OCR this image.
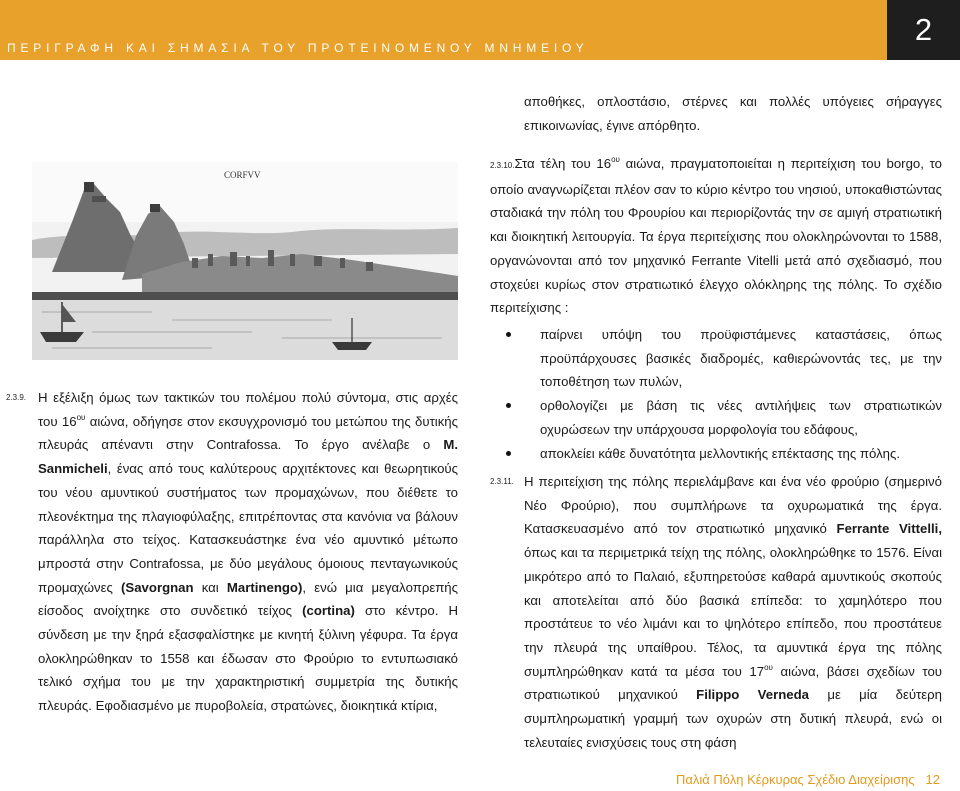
ΠΕΡΙΓΡΑΦΗ ΚΑΙ ΣΗΜΑΣΙΑ ΤΟΥ ΠΡΟΤΕΙΝΟΜΕΝΟΥ ΜΝΗΜΕΙΟΥ
2
CORFVV
2.3.9. Η εξέλιξη όμως των τακτικών του πολέμου πολύ σύντομα, στις αρχές του $16^{o\upsilon}$ αιώνα, οδήγησε στον εκσυγχρονισμό του μετώπου της δυτικής πλευράς απέναντι στην Contrafossa. Το έργο ανέλαβε ο Μ. Sanmicheli, ένας από τους καλύτερους αρχιτέκτονες και θεωρητικούς του νέου αμυντικού συστήματος των προμαχώνων, που διέθετε το πλεονέκτημα της πλαγιοφύλαξης, επιτρέποντας στα κανόνια να βάλουν παράλληλα στο τείχος. Κατασκευάστηκε ένα νέο αμυντικό μέτωπο μπροστά στην Contrafossa, με δύο μεγάλους όμοιους πενταγωνικούς προμαχώνες (Savorgnan και Martinengo), ενώ μια μεγαλοπρεπής είσοδος ανοίχτηκε στο συνδετικό τείχος (cortina) στο κέντρο. Η σύνδεση με την ξηρά εξασφαλίστηκε με κινητή ξύλινη γέφυρα. Τα έργα ολοκληρώθηκαν το 1558 και έδωσαν στο Φρούριο το εντυπωσιακό τελικό σχήμα του με την χαρακτηριστική συμμετρία της δυτικής πλευράς. Εφοδιασμένο με πυροβολεία, στρατώνες, διοικητικά κτίρια,

αποθήκες, οπλοστάσιο, στέρνες και πολλές υπόγειες σήραγγες επικοινωνίας, έγινε απόρθητο.

2.3.10.Στα τέλη του $16^{o\upsilon}$ αιώνα, πραγματοποιείται η περιτείχιση του borgo, το οποίο αναγνωρίζεται πλέον σαν το κύριο κέντρο του νησιού, υποκαθιστώντας σταδιακά την πόλη του Φρουρίου και περιορίζοντάς την σε αμιγή στρατιωτική και διοικητική λειτουργία. Τα έργα περιτείχισης που ολοκληρώνονται το 1588, οργανώνονται από τον μηχανικό Ferrante Vitelli μετά από σχεδιασμό, που στοχεύει κυρίως στον στρατιωτικό έλεγχο ολόκληρης της πόλης. Το σχέδιο περιτείχισης :

παίρνει υπόψη του προϋφιστάμενες καταστάσεις, όπως προϋπάρχουσες βασικές διαδρομές, καθιερώνοντάς τες, με την τοποθέτηση των πυλών,
ορθολογίζει με βάση τις νέες αντιλήψεις των στρατιωτικών οχυρώσεων την υπάρχουσα μορφολογία του εδάφους,
αποκλείει κάθε δυνατότητα μελλοντικής επέκτασης της πόλης.
2.3.11. Η περιτείχιση της πόλης περιελάμβανε και ένα νέο φρούριο (σημερινό Νέο Φρούριο), που συμπλήρωνε τα οχυρωματικά της έργα. Κατασκευασμένο από τον στρατιωτικό μηχανικό Ferrante Vittelli, όπως και τα περιμετρικά τείχη της πόλης, ολοκληρώθηκε το 1576. Είναι μικρότερο από το Παλαιό, εξυπηρετούσε καθαρά αμυντικούς σκοπούς και αποτελείται από δύο βασικά επίπεδα: το χαμηλότερο που προστάτευε το νέο λιμάνι και το ψηλότερο επίπεδο, που προστάτευε την πλευρά της υπαίθρου. Τέλος, τα αμυντικά έργα της πόλης συμπληρώθηκαν κατά τα μέσα του $17^{o\upsilon}$ αιώνα, βάσει σχεδίων του στρατιωτικού μηχανικού Filippo Verneda με μία δεύτερη συμπληρωματική γραμμή των οχυρών στη δυτική πλευρά, ενώ οι τελευταίες ενισχύσεις τους στη φάση

Παλιά Πόλη Κέρκυρας Σχέδιο Διαχείρισης 12
